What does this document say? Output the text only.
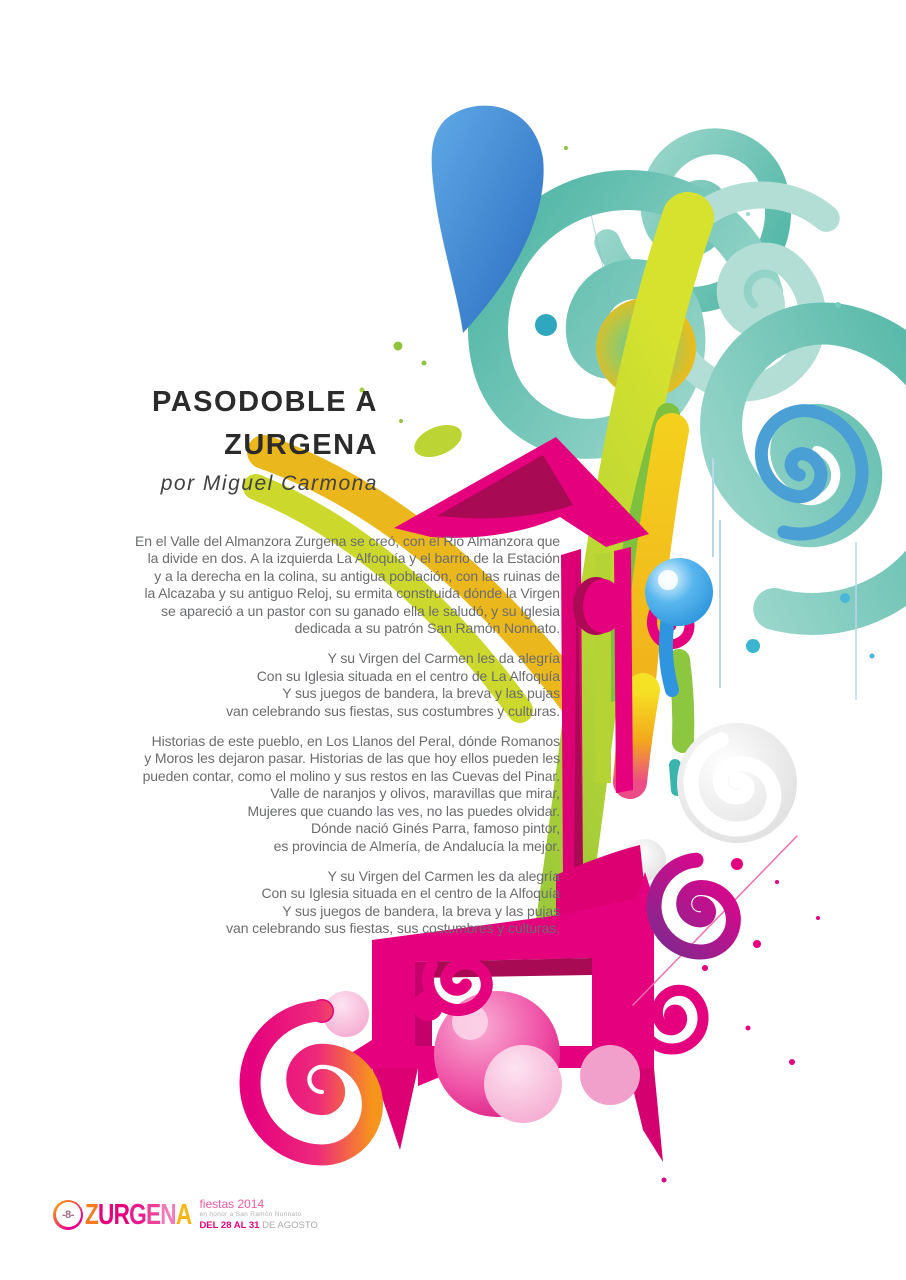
PASODOBLE A
ZURGENA
por Miguel Carmona
En el Valle del Almanzora Zurgena se creó, con el Rio Almanzora que
la divide en dos. A la izquierda La Alfoquía y el barrio de la Estación
y a la derecha en la colina, su antigua población, con las ruinas de
la Alcazaba y su antiguo Reloj, su ermita construida dónde la Virgen
se apareció a un pastor con su ganado ella le saludó, y su Iglesia
dedicada a su patrón San Ramón Nonnato.
Y su Virgen del Carmen les da alegría
Con su Iglesia situada en el centro de La Alfoquía
Y sus juegos de bandera, la breva y las pujas
van celebrando sus fiestas, sus costumbres y culturas.
Historias de este pueblo, en Los Llanos del Peral, dónde Romanos
y Moros les dejaron pasar. Historias de las que hoy ellos pueden les
pueden contar, como el molino y sus restos en las Cuevas del Pinar.
Valle de naranjos y olivos, maravillas que mirar,
Mujeres que cuando las ves, no las puedes olvidar.
Dónde nació Ginés Parra, famoso pintor,
es provincia de Almería, de Andalucía la mejor.
Y su Virgen del Carmen les da alegría
Con su Iglesia situada en el centro de la Alfoquía
Y sus juegos de bandera, la breva y las pujas
van celebrando sus fiestas, sus costumbres y culturas.
-8- ZURGENA fiestas 2014
en honor a San Ramón Nonnato
DEL 28 AL 31 DE AGOSTO
